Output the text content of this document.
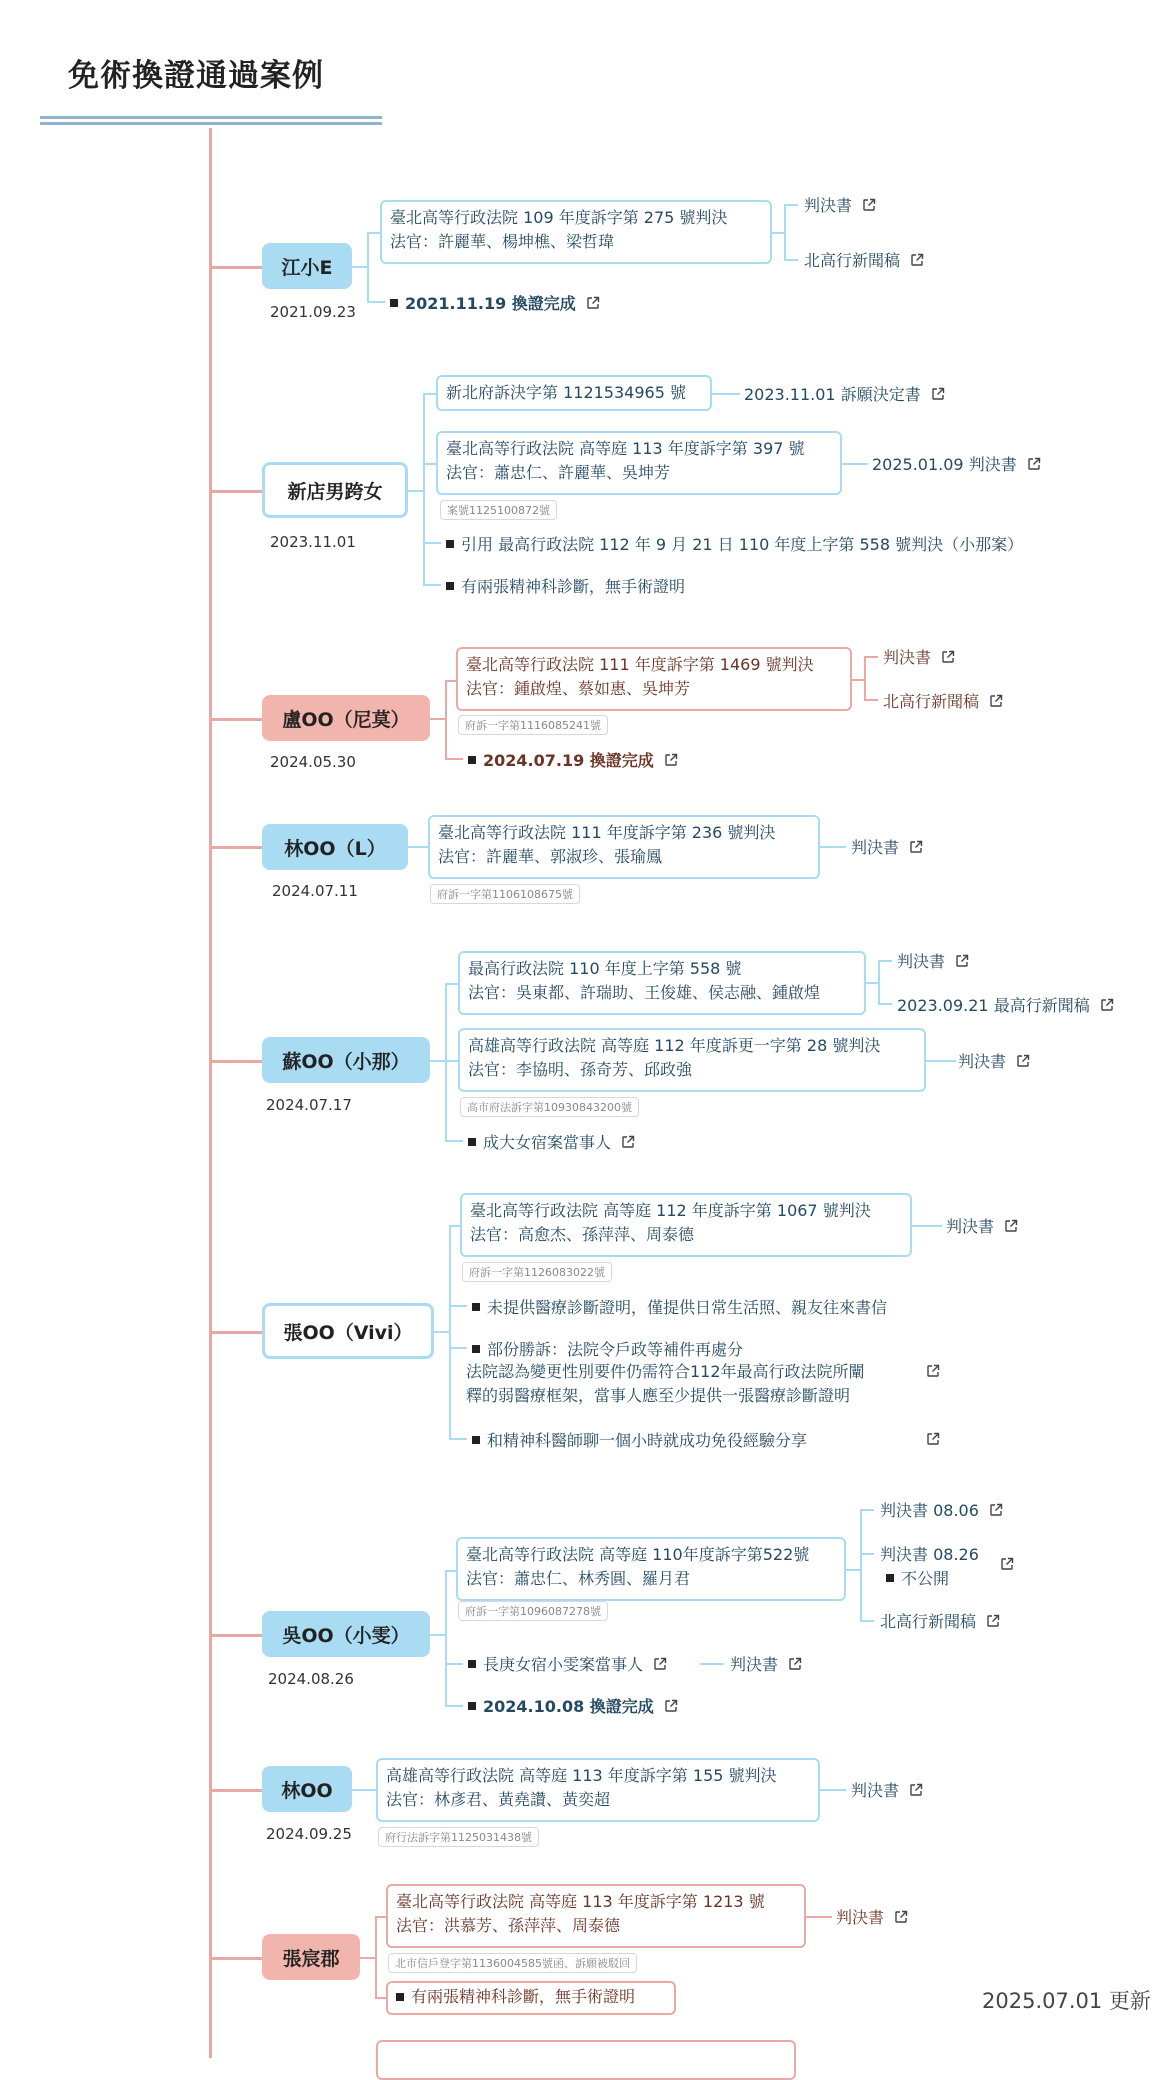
免術換證通過案例
江小E
2021.09.23
臺北高等行政法院 109 年度訴字第 275 號判決
法官：許麗華、楊坤樵、梁哲瑋
判決書
北高行新聞稿
2021.11.19 換證完成
新店男跨女
2023.11.01
新北府訴決字第 1121534965 號	2023.11.01 訴願決定書
臺北高等行政法院 高等庭 113 年度訴字第 397 號
法官：蕭忠仁、許麗華、吳坤芳	2025.01.09 判決書
案號1125100872號
引用 最高行政法院 112 年 9 月 21 日 110 年度上字第 558 號判決（小那案）
有兩張精神科診斷，無手術證明
盧OO（尼莫）
2024.05.30
臺北高等行政法院 111 年度訴字第 1469 號判決
法官：鍾啟煌、蔡如惠、吳坤芳
判決書
北高行新聞稿
府訴一字第1116085241號
2024.07.19 換證完成
林OO（L）
2024.07.11
臺北高等行政法院 111 年度訴字第 236 號判決
法官：許麗華、郭淑珍、張瑜鳳	判決書
府訴一字第1106108675號
蘇OO（小那）
2024.07.17
最高行政法院 110 年度上字第 558 號
法官：吳東都、許瑞助、王俊雄、侯志融、鍾啟煌
判決書
2023.09.21 最高行新聞稿
高雄高等行政法院 高等庭 112 年度訴更一字第 28 號判決
法官：李協明、孫奇芳、邱政強	判決書
高市府法訴字第10930843200號
成大女宿案當事人
張OO（Vivi）
臺北高等行政法院 高等庭 112 年度訴字第 1067 號判決
法官：高愈杰、孫萍萍、周泰德	判決書
府訴一字第1126083022號
未提供醫療診斷證明，僅提供日常生活照、親友往來書信
部份勝訴：法院令戶政等補件再處分
法院認為變更性別要件仍需符合112年最高行政法院所闡
釋的弱醫療框架，當事人應至少提供一張醫療診斷證明
和精神科醫師聊一個小時就成功免役經驗分享
吳OO（小雯）
2024.08.26
臺北高等行政法院 高等庭 110年度訴字第522號
法官：蕭忠仁、林秀圓、羅月君
判決書 08.06
判決書 08.26
不公開
北高行新聞稿
府訴一字第1096087278號
長庚女宿小雯案當事人	判決書
2024.10.08 換證完成
林OO
2024.09.25
高雄高等行政法院 高等庭 113 年度訴字第 155 號判決
法官：林彥君、黃堯讚、黃奕超	判決書
府行法訴字第1125031438號
張宸郡
臺北高等行政法院 高等庭 113 年度訴字第 1213 號
法官：洪慕芳、孫萍萍、周泰德	判決書
北市信戶登字第1136004585號函、訴願被駁回
有兩張精神科診斷，無手術證明	2025.07.01 更新
